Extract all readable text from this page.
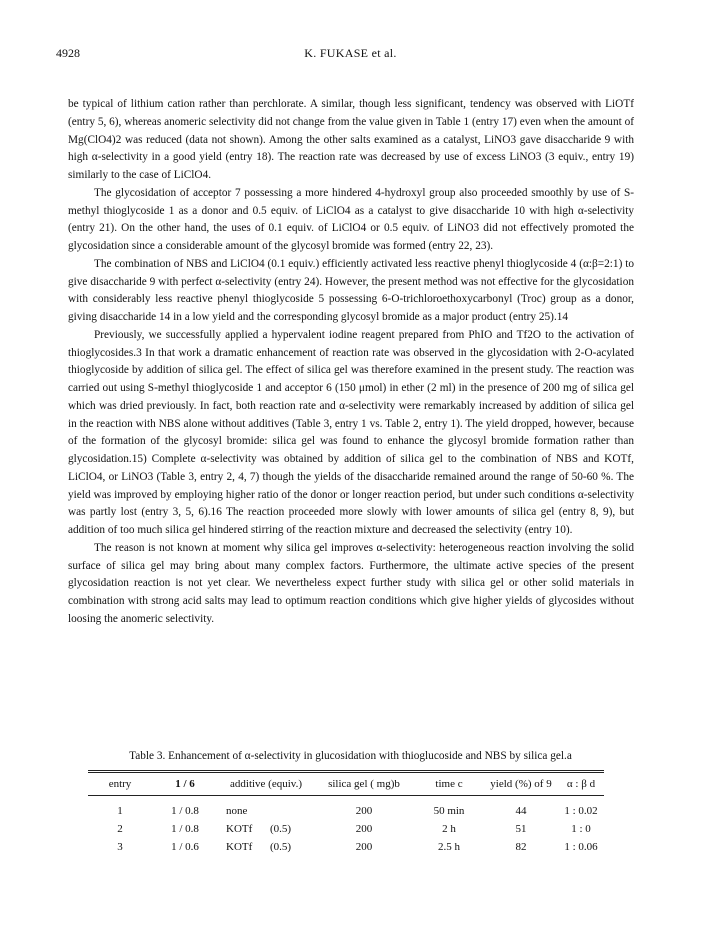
4928	K. FUKASE et al.

be typical of lithium cation rather than perchlorate. A similar, though less significant, tendency was observed with LiOTf (entry 5, 6), whereas anomeric selectivity did not change from the value given in Table 1 (entry 17) even when the amount of Mg(ClO4)2 was reduced (data not shown). Among the other salts examined as a catalyst, LiNO3 gave disaccharide 9 with high α-selectivity in a good yield (entry 18). The reaction rate was decreased by use of excess LiNO3 (3 equiv., entry 19) similarly to the case of LiClO4.

The glycosidation of acceptor 7 possessing a more hindered 4-hydroxyl group also proceeded smoothly by use of S-methyl thioglycoside 1 as a donor and 0.5 equiv. of LiClO4 as a catalyst to give disaccharide 10 with high α-selectivity (entry 21). On the other hand, the uses of 0.1 equiv. of LiClO4 or 0.5 equiv. of LiNO3 did not effectively promoted the glycosidation since a considerable amount of the glycosyl bromide was formed (entry 22, 23).

The combination of NBS and LiClO4 (0.1 equiv.) efficiently activated less reactive phenyl thioglycoside 4 (α:β=2:1) to give disaccharide 9 with perfect α-selectivity (entry 24). However, the present method was not effective for the glycosidation with considerably less reactive phenyl thioglycoside 5 possessing 6-O-trichloroethoxycarbonyl (Troc) group as a donor, giving disaccharide 14 in a low yield and the corresponding glycosyl bromide as a major product (entry 25).14

Previously, we successfully applied a hypervalent iodine reagent prepared from PhIO and Tf2O to the activation of thioglycosides.3 In that work a dramatic enhancement of reaction rate was observed in the glycosidation with 2-O-acylated thioglycoside by addition of silica gel. The effect of silica gel was therefore examined in the present study. The reaction was carried out using S-methyl thioglycoside 1 and acceptor 6 (150 μmol) in ether (2 ml) in the presence of 200 mg of silica gel which was dried previously. In fact, both reaction rate and α-selectivity were remarkably increased by addition of silica gel in the reaction with NBS alone without additives (Table 3, entry 1 vs. Table 2, entry 1). The yield dropped, however, because of the formation of the glycosyl bromide: silica gel was found to enhance the glycosyl bromide formation rather than glycosidation.15) Complete α-selectivity was obtained by addition of silica gel to the combination of NBS and KOTf, LiClO4, or LiNO3 (Table 3, entry 2, 4, 7) though the yields of the disaccharide remained around the range of 50-60 %. The yield was improved by employing higher ratio of the donor or longer reaction period, but under such conditions α-selectivity was partly lost (entry 3, 5, 6).16 The reaction proceeded more slowly with lower amounts of silica gel (entry 8, 9), but addition of too much silica gel hindered stirring of the reaction mixture and decreased the selectivity (entry 10).

The reason is not known at moment why silica gel improves α-selectivity: heterogeneous reaction involving the solid surface of silica gel may bring about many complex factors. Furthermore, the ultimate active species of the present glycosidation reaction is not yet clear. We nevertheless expect further study with silica gel or other solid materials in combination with strong acid salts may lead to optimum reaction conditions which give higher yields of glycosides without loosing the anomeric selectivity.

Table 3. Enhancement of α-selectivity in glucosidation with thioglucoside and NBS by silica gel.a
entry	1 / 6	additive (equiv.)	silica gel ( mg)b	time c	yield (%) of 9	α : β d
1	1 / 0.8	none	200	50 min	44	1 : 0.02
2	1 / 0.8	KOTf (0.5)	200	2 h	51	1 : 0
3	1 / 0.6	KOTf (0.5)	200	2.5 h	82	1 : 0.06
